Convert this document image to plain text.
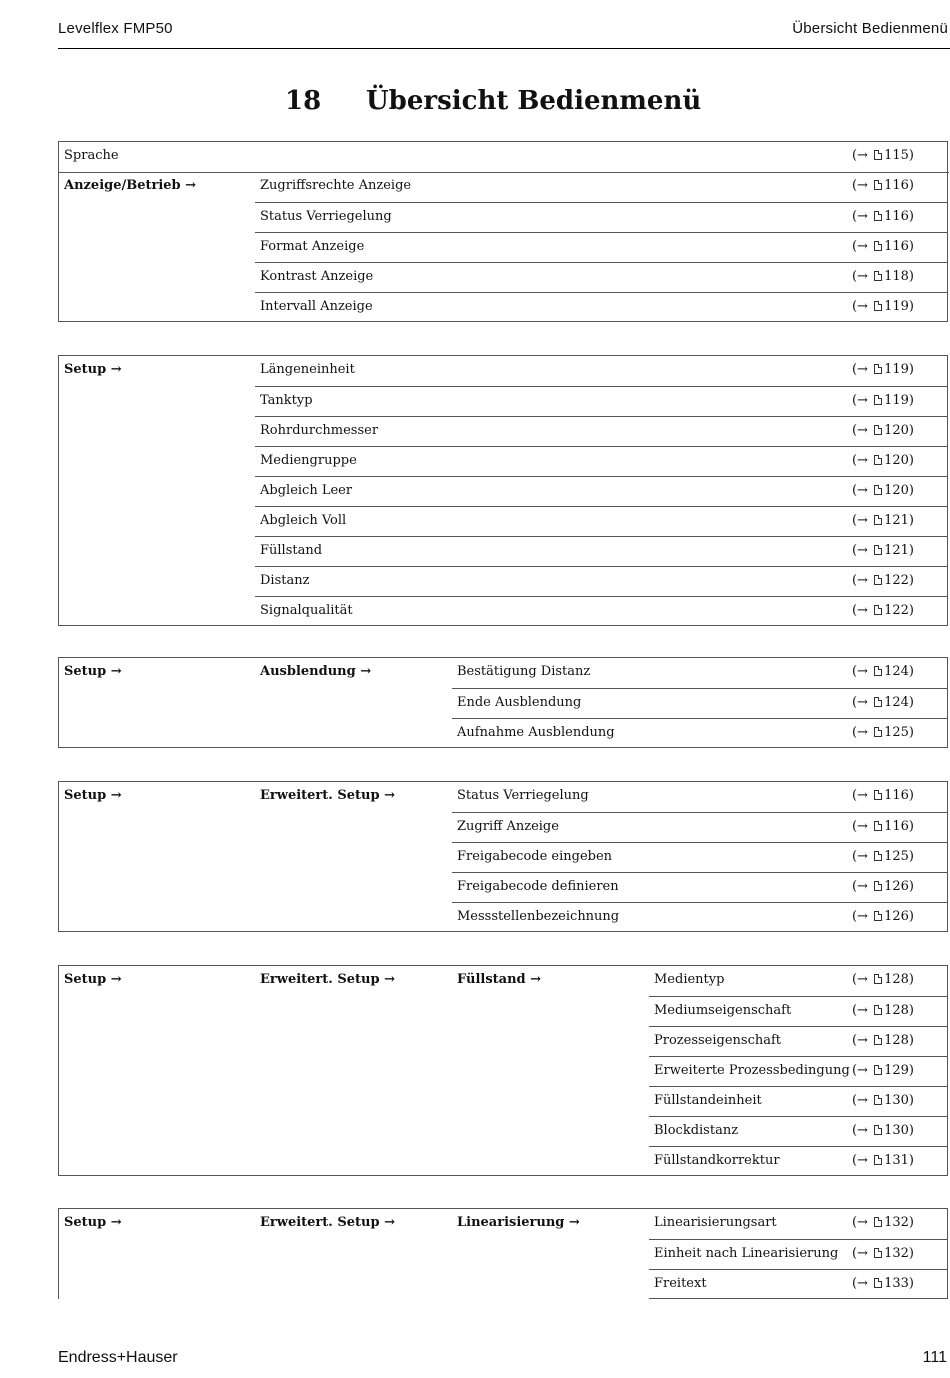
Levelflex FMP50	Übersicht Bedienmenü
18 Übersicht Bedienmenü
Sprache	(→ 115)
Anzeige/Betrieb →	Zugriffsrechte Anzeige	(→ 116)
Status Verriegelung	(→ 116)
Format Anzeige	(→ 116)
Kontrast Anzeige	(→ 118)
Intervall Anzeige	(→ 119)
Setup →	Längeneinheit	(→ 119)
Tanktyp	(→ 119)
Rohrdurchmesser	(→ 120)
Mediengruppe	(→ 120)
Abgleich Leer	(→ 120)
Abgleich Voll	(→ 121)
Füllstand	(→ 121)
Distanz	(→ 122)
Signalqualität	(→ 122)
Setup →	Ausblendung →	Bestätigung Distanz	(→ 124)
Ende Ausblendung	(→ 124)
Aufnahme Ausblendung	(→ 125)
Setup →	Erweitert. Setup →	Status Verriegelung	(→ 116)
Zugriff Anzeige	(→ 116)
Freigabecode eingeben	(→ 125)
Freigabecode definieren	(→ 126)
Messstellenbezeichnung	(→ 126)
Setup →	Erweitert. Setup →	Füllstand →	Medientyp	(→ 128)
Mediumseigenschaft	(→ 128)
Prozesseigenschaft	(→ 128)
Erweiterte Prozessbedingung (→ 129)
Füllstandeinheit	(→ 130)
Blockdistanz	(→ 130)
Füllstandkorrektur	(→ 131)
Setup →	Erweitert. Setup →	Linearisierung →	Linearisierungsart	(→ 132)
Einheit nach Linearisierung (→ 132)
Freitext	(→ 133)
Endress+Hauser	111
